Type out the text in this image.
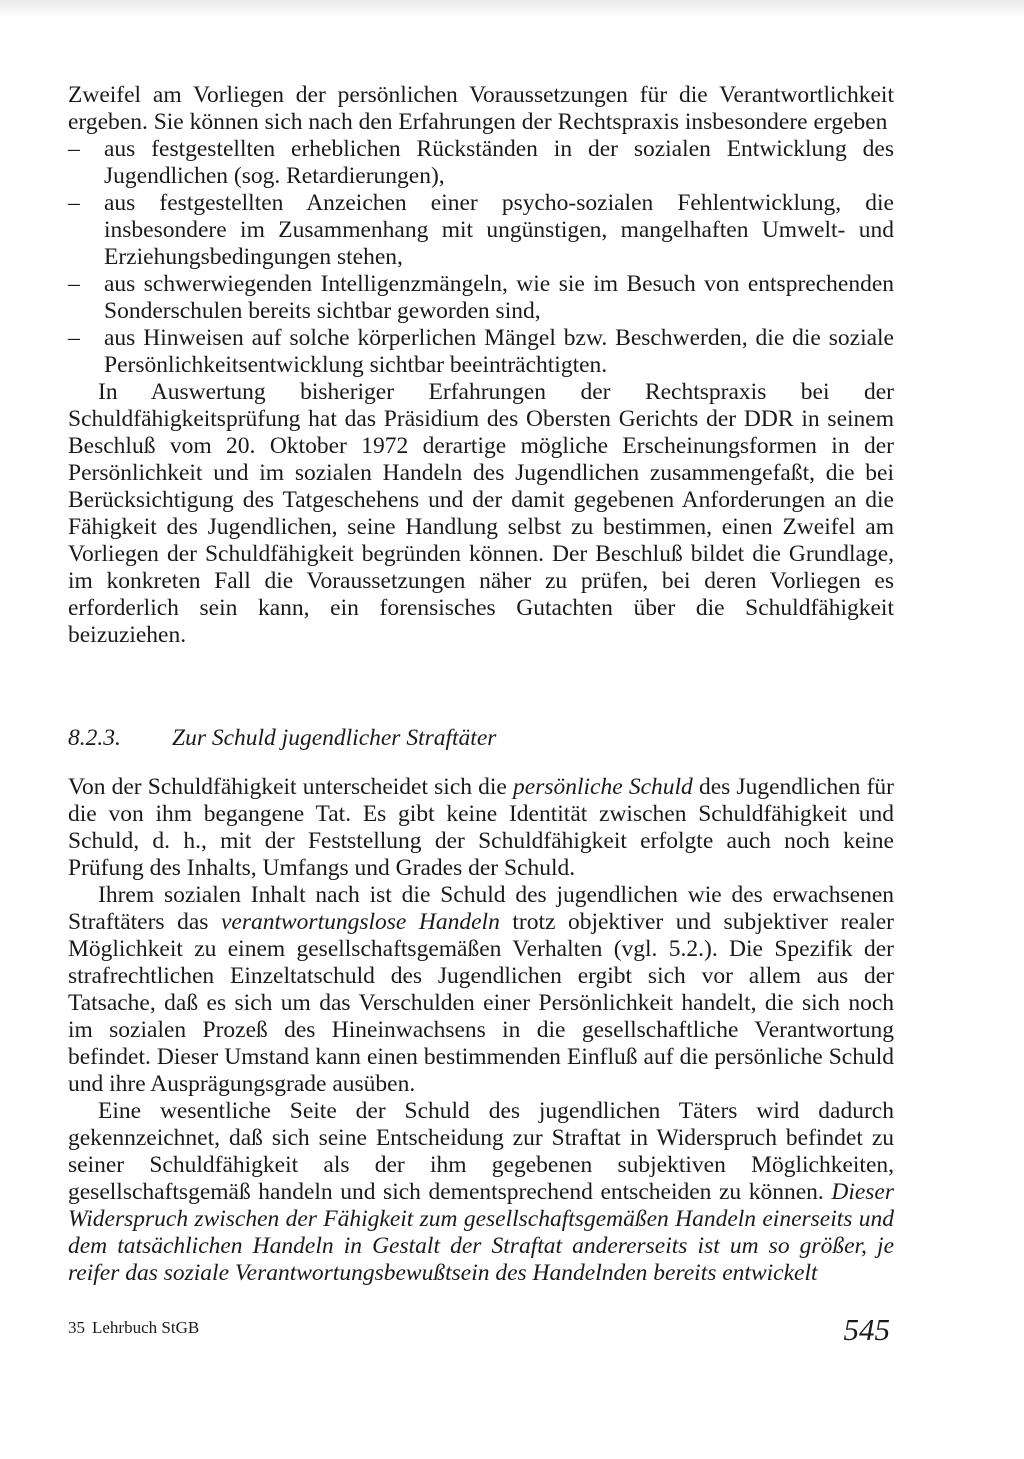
Zweifel am Vorliegen der persönlichen Voraussetzungen für die Verantwortlichkeit ergeben. Sie können sich nach den Erfahrungen der Rechtspraxis insbesondere ergeben

– aus festgestellten erheblichen Rückständen in der sozialen Entwicklung des Jugendlichen (sog. Retardierungen),
– aus festgestellten Anzeichen einer psycho-sozialen Fehlentwicklung, die insbesondere im Zusammenhang mit ungünstigen, mangelhaften Umwelt- und Erziehungsbedingungen stehen,
– aus schwerwiegenden Intelligenzmängeln, wie sie im Besuch von entsprechenden Sonderschulen bereits sichtbar geworden sind,
– aus Hinweisen auf solche körperlichen Mängel bzw. Beschwerden, die die soziale Persönlichkeitsentwicklung sichtbar beeinträchtigten.

In Auswertung bisheriger Erfahrungen der Rechtspraxis bei der Schuldfähigkeitsprüfung hat das Präsidium des Obersten Gerichts der DDR in seinem Beschluß vom 20. Oktober 1972 derartige mögliche Erscheinungsformen in der Persönlichkeit und im sozialen Handeln des Jugendlichen zusammengefaßt, die bei Berücksichtigung des Tatgeschehens und der damit gegebenen Anforderungen an die Fähigkeit des Jugendlichen, seine Handlung selbst zu bestimmen, einen Zweifel am Vorliegen der Schuldfähigkeit begründen können. Der Beschluß bildet die Grundlage, im konkreten Fall die Voraussetzungen näher zu prüfen, bei deren Vorliegen es erforderlich sein kann, ein forensisches Gutachten über die Schuldfähigkeit beizuziehen.

8.2.3. Zur Schuld jugendlicher Straftäter

Von der Schuldfähigkeit unterscheidet sich die persönliche Schuld des Jugendlichen für die von ihm begangene Tat. Es gibt keine Identität zwischen Schuldfähigkeit und Schuld, d. h., mit der Feststellung der Schuldfähigkeit erfolgte auch noch keine Prüfung des Inhalts, Umfangs und Grades der Schuld.

Ihrem sozialen Inhalt nach ist die Schuld des jugendlichen wie des erwachsenen Straftäters das verantwortungslose Handeln trotz objektiver und subjektiver realer Möglichkeit zu einem gesellschaftsgemäßen Verhalten (vgl. 5.2.). Die Spezifik der strafrechtlichen Einzeltatschuld des Jugendlichen ergibt sich vor allem aus der Tatsache, daß es sich um das Verschulden einer Persönlichkeit handelt, die sich noch im sozialen Prozeß des Hineinwachsens in die gesellschaftliche Verantwortung befindet. Dieser Umstand kann einen bestimmenden Einfluß auf die persönliche Schuld und ihre Ausprägungsgrade ausüben.

Eine wesentliche Seite der Schuld des jugendlichen Täters wird dadurch gekennzeichnet, daß sich seine Entscheidung zur Straftat in Widerspruch befindet zu seiner Schuldfähigkeit als der ihm gegebenen subjektiven Möglichkeiten, gesellschaftsgemäß handeln und sich dementsprechend entscheiden zu können. Dieser Widerspruch zwischen der Fähigkeit zum gesellschaftsgemäßen Handeln einerseits und dem tatsächlichen Handeln in Gestalt der Straftat andererseits ist um so größer, je reifer das soziale Verantwortungsbewußtsein des Handelnden bereits entwickelt

35 Lehrbuch StGB	545
